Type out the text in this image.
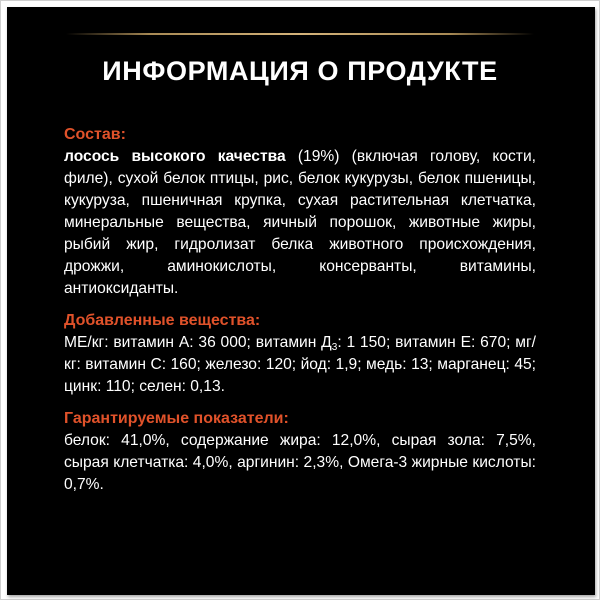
ИНФОРМАЦИЯ О ПРОДУКТЕ
Состав:

лосось высокого качества (19%) (включая голову, кости, филе), сухой белок птицы, рис, белок кукурузы, белок пшеницы, кукуруза, пшеничная крупка, сухая растительная клетчатка, минеральные вещества, яичный порошок, животные жиры, рыбий жир, гидролизат белка животного происхождения, дрожжи, аминокислоты, консерванты, витамины, антиоксиданты.

Добавленные вещества:

МЕ/кг: витамин А: 36 000; витамин $Д_3$: 1 150; витамин Е: 670; мг/кг: витамин С: 160; железо: 120; йод: 1,9; медь: 13; марганец: 45; цинк: 110; селен: 0,13.

Гарантируемые показатели:

белок: 41,0%, содержание жира: 12,0%, сырая зола: 7,5%, сырая клетчатка: 4,0%, аргинин: 2,3%, Омега-3 жирные кислоты: 0,7%.
